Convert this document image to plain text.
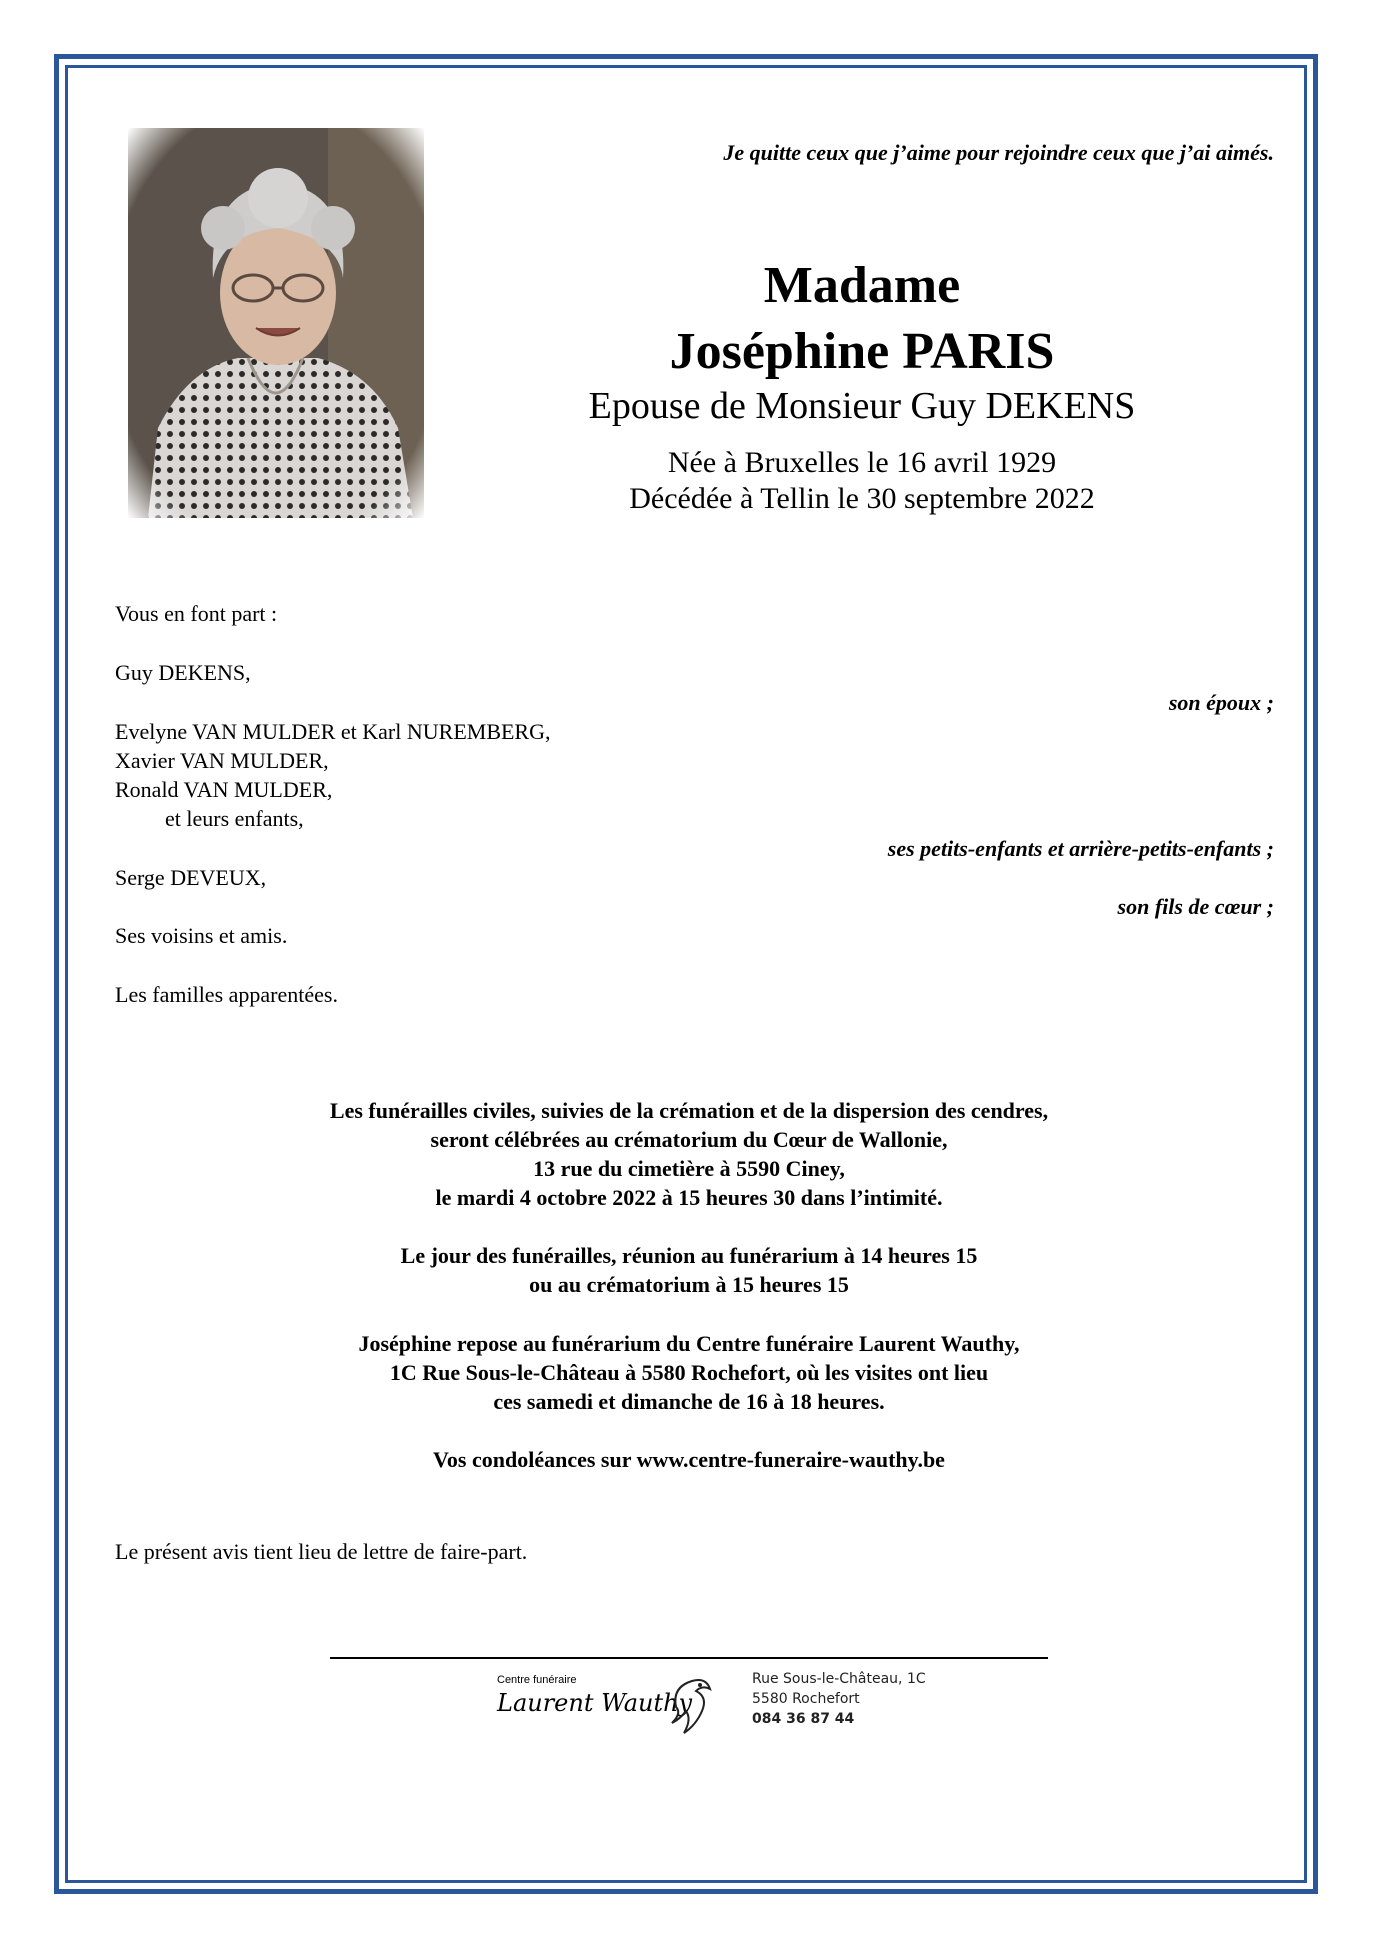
Je quitte ceux que j’aime pour rejoindre ceux que j’ai aimés.
Madame
Joséphine PARIS
Epouse de Monsieur Guy DEKENS
Née à Bruxelles le 16 avril 1929
Décédée à Tellin le 30 septembre 2022
Vous en font part :
Guy DEKENS,
son époux ;
Evelyne VAN MULDER et Karl NUREMBERG,
Xavier VAN MULDER,
Ronald VAN MULDER,
et leurs enfants,
ses petits-enfants et arrière-petits-enfants ;
Serge DEVEUX,
son fils de cœur ;
Ses voisins et amis.
Les familles apparentées.
Les funérailles civiles, suivies de la crémation et de la dispersion des cendres,
seront célébrées au crématorium du Cœur de Wallonie,
13 rue du cimetière à 5590 Ciney,
le mardi 4 octobre 2022 à 15 heures 30 dans l’intimité.
Le jour des funérailles, réunion au funérarium à 14 heures 15
ou au crématorium à 15 heures 15
Joséphine repose au funérarium du Centre funéraire Laurent Wauthy,
1C Rue Sous-le-Château à 5580 Rochefort, où les visites ont lieu
ces samedi et dimanche de 16 à 18 heures.
Vos condoléances sur www.centre-funeraire-wauthy.be
Le présent avis tient lieu de lettre de faire-part.
Centre funéraire
Laurent Wauthy
Rue Sous-le-Château, 1C
5580 Rochefort
084 36 87 44
